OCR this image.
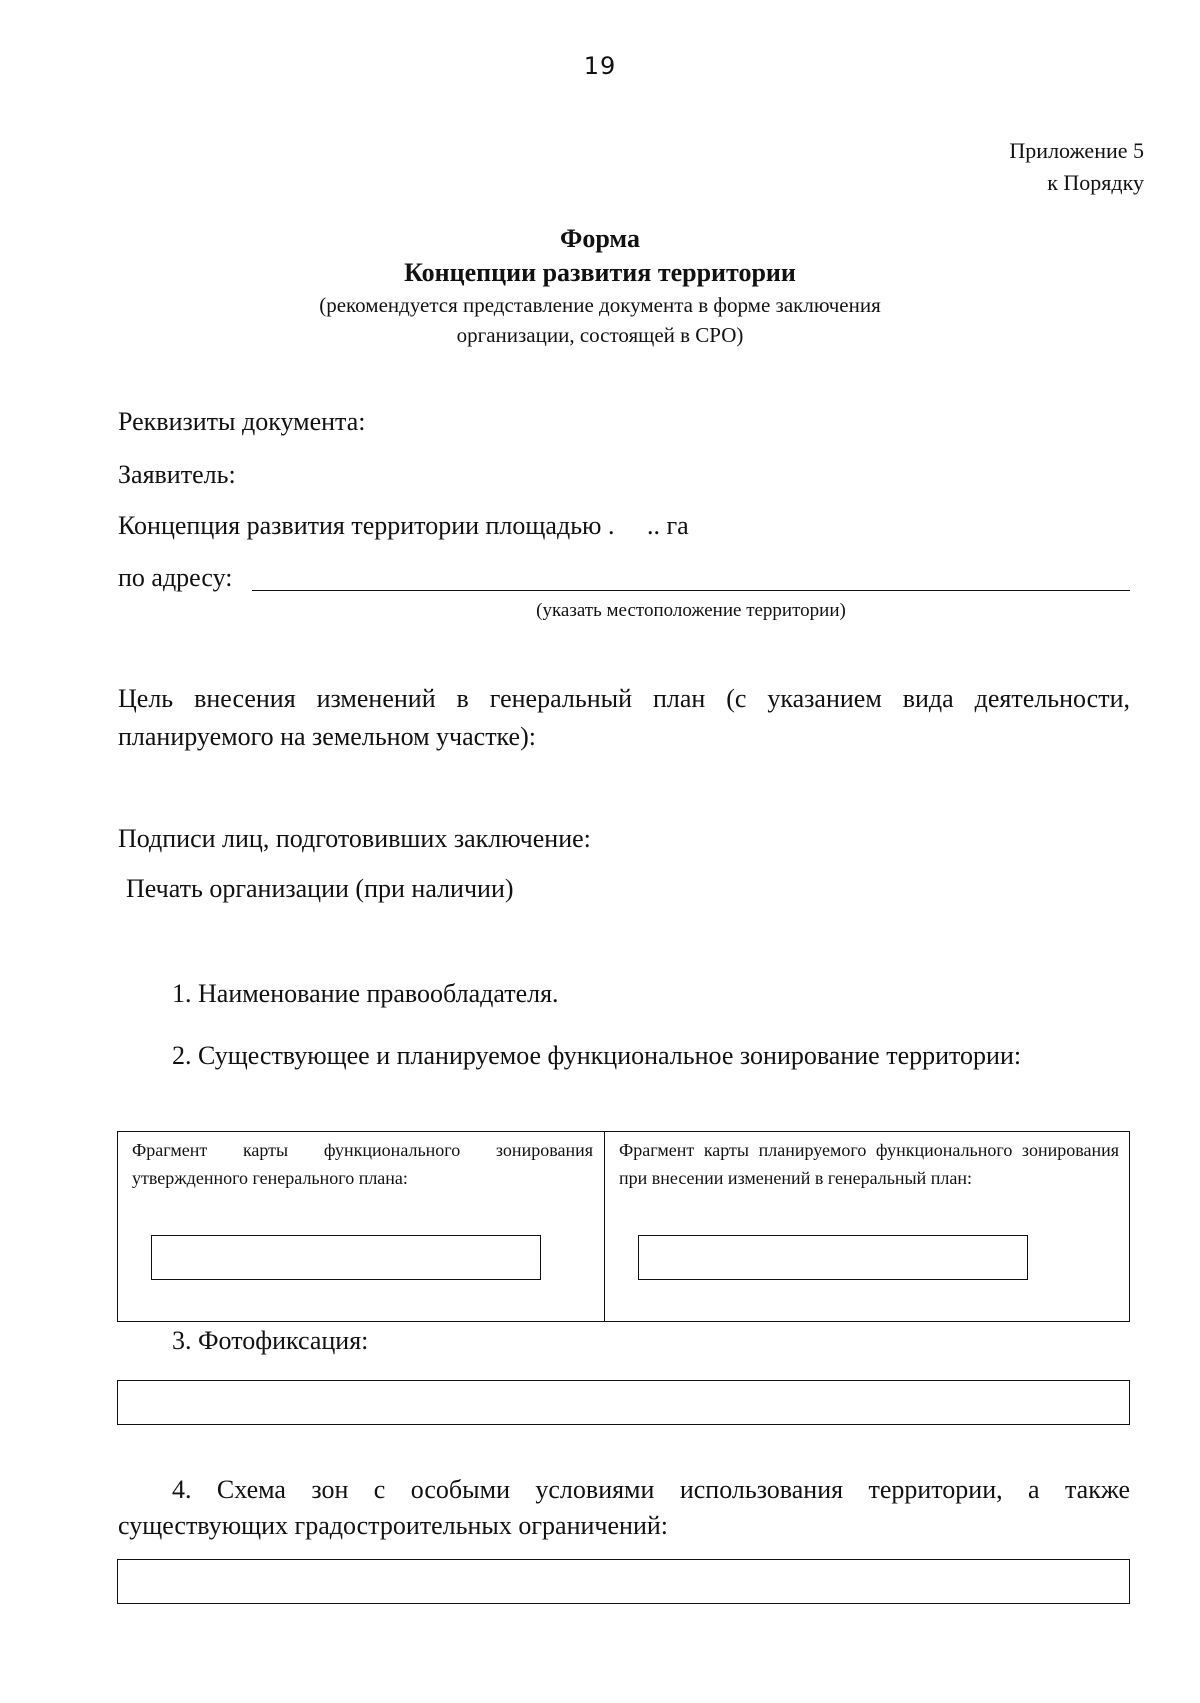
19
Приложение 5
к Порядку
Форма
Концепции развития территории
(рекомендуется представление документа в форме заключения
организации, состоящей в СРО)
Реквизиты документа:
Заявитель:
Концепция развития территории площадью .     .. га
по адресу:
(указать местоположение территории)
Цель внесения изменений в генеральный план (с указанием вида деятельности, планируемого на земельном участке):
Подписи лиц, подготовивших заключение:
Печать организации (при наличии)
1. Наименование правообладателя.
2. Существующее и планируемое функциональное зонирование территории:
Фрагмент карты функционального зонирования утвержденного генерального плана:
Фрагмент карты планируемого функционального зонирования при внесении изменений в генеральный план:
3. Фотофиксация:
4. Схема зон с особыми условиями использования территории, а также существующих градостроительных ограничений:
